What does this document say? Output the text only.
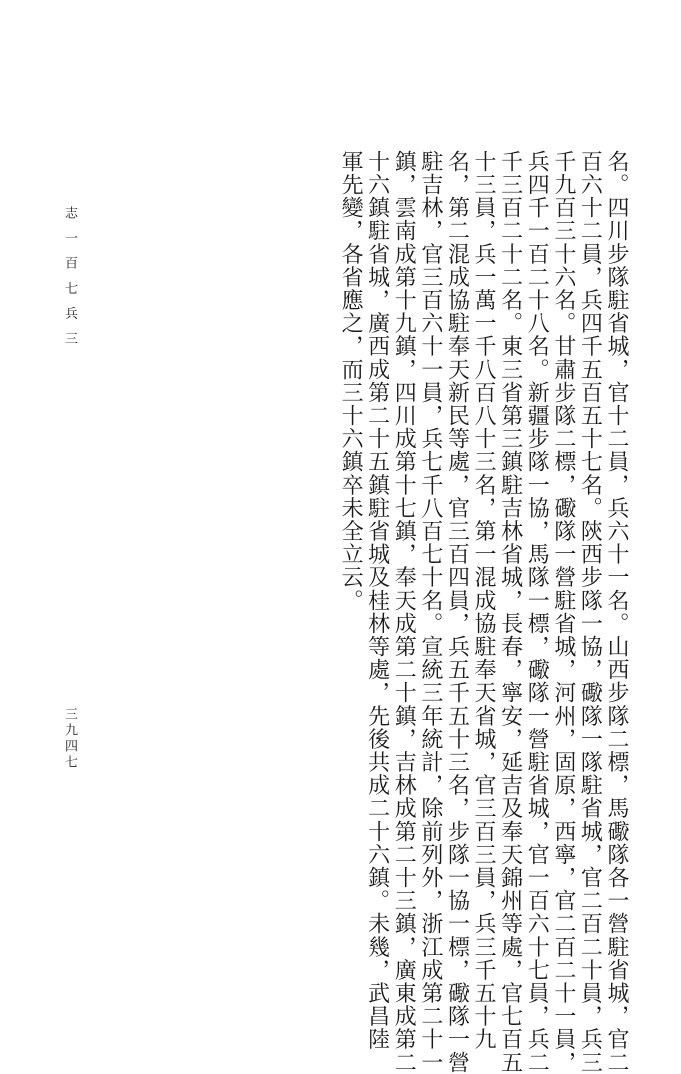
志 一 百 七 兵 三
三九四七	名。四川步隊駐省城，官十二員，兵六十一名。山西步隊二標，馬礮隊各一營駐省城，官二
百六十二員，兵四千五百五十七名。陝西步隊一協，礮隊一隊駐省城，官二百二十員，兵三
千九百三十六名。甘肅步隊二標，礮隊一營駐省城，河州，固原，西寧，官二百二十一員，
兵四千一百二十八名。新疆步隊一協，馬隊一標，礮隊一營駐省城，官一百六十七員，兵二
千三百二十二名。東三省第三鎮駐吉林省城，長春，寧安，延吉及奉天錦州等處，官七百五
十三員，兵一萬一千八百八十三名，第一混成協駐奉天省城，官三百三員，兵三千五十九
名，第二混成協駐奉天新民等處，官三百四員，兵五千五十三名，步隊一協一標，礮隊一營
駐吉林，官三百六十一員，兵七千八百七十名。宣統三年統計，除前列外，浙江成第二十一
鎮，雲南成第十九鎮，四川成第十七鎮，奉天成第二十鎮，吉林成第二十三鎮，廣東成第二
十六鎮駐省城，廣西成第二十五鎮駐省城及桂林等處，先後共成二十六鎮。未幾，武昌陸
軍先變，各省應之，而三十六鎮卒未全立云。
